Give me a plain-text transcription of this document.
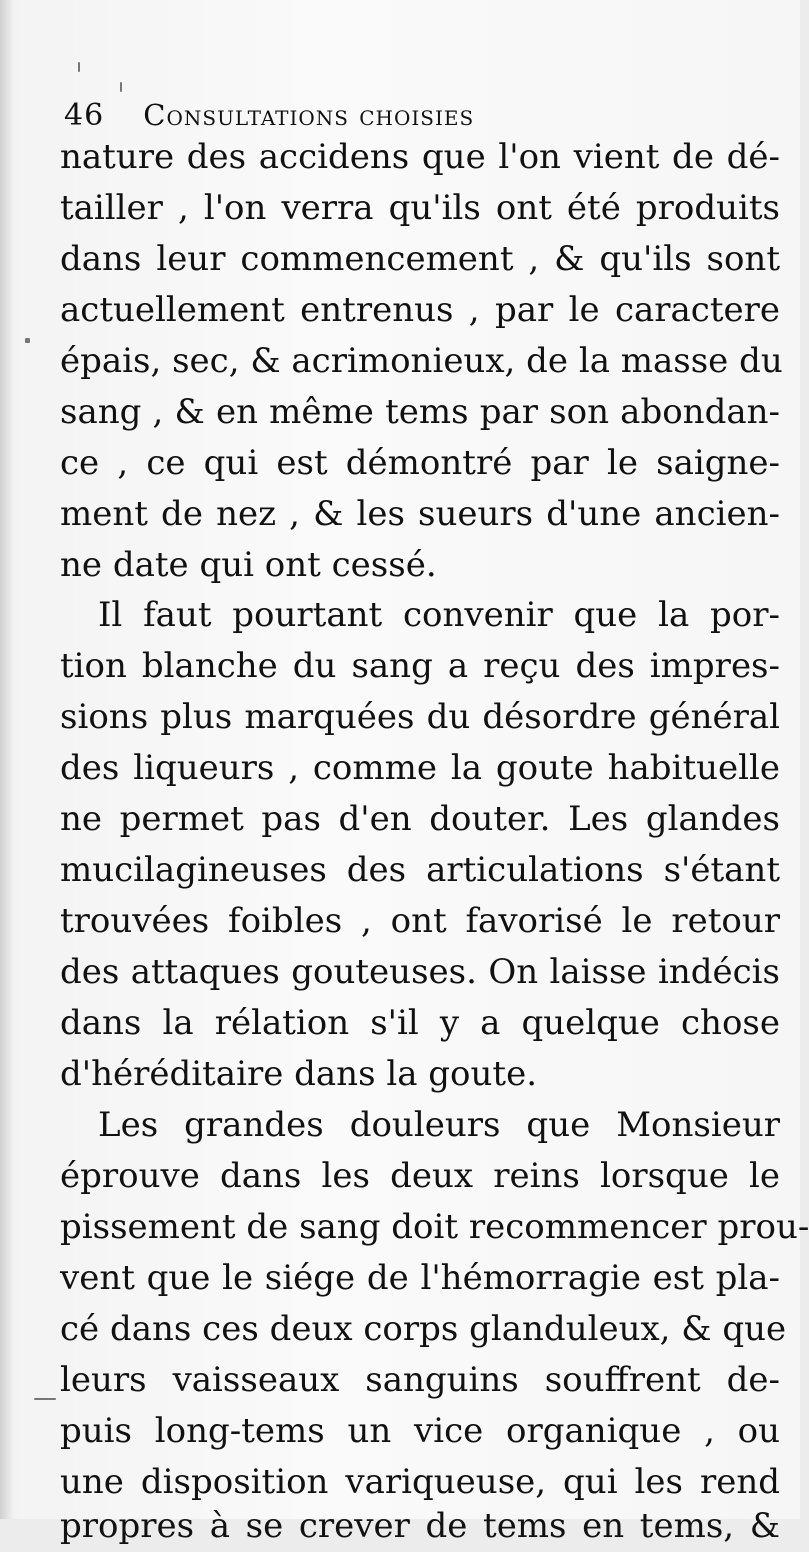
46 Consultations choisies
nature des accidens que l'on vient de dé-
tailler , l'on verra qu'ils ont été produits
dans leur commencement , & qu'ils sont
actuellement entrenus , par le caractere
épais, sec, & acrimonieux, de la masse du
sang , & en même tems par son abondan-
ce , ce qui est démontré par le saigne-
ment de nez , & les sueurs d'une ancien-
ne date qui ont cessé.
Il faut pourtant convenir que la por-
tion blanche du sang a reçu des impres-
sions plus marquées du désordre général
des liqueurs , comme la goute habituelle
ne permet pas d'en douter. Les glandes
mucilagineuses des articulations s'étant
trouvées foibles , ont favorisé le retour
des attaques gouteuses. On laisse indécis
dans la rélation s'il y a quelque chose
d'héréditaire dans la goute.
Les grandes douleurs que Monsieur
éprouve dans les deux reins lorsque le
pissement de sang doit recommencer prou-
vent que le siége de l'hémorragie est pla-
cé dans ces deux corps glanduleux, & que
leurs vaisseaux sanguins souffrent de-
puis long-tems un vice organique , ou
une disposition variqueuse, qui les rend
propres à se crever de tems en tems, &
